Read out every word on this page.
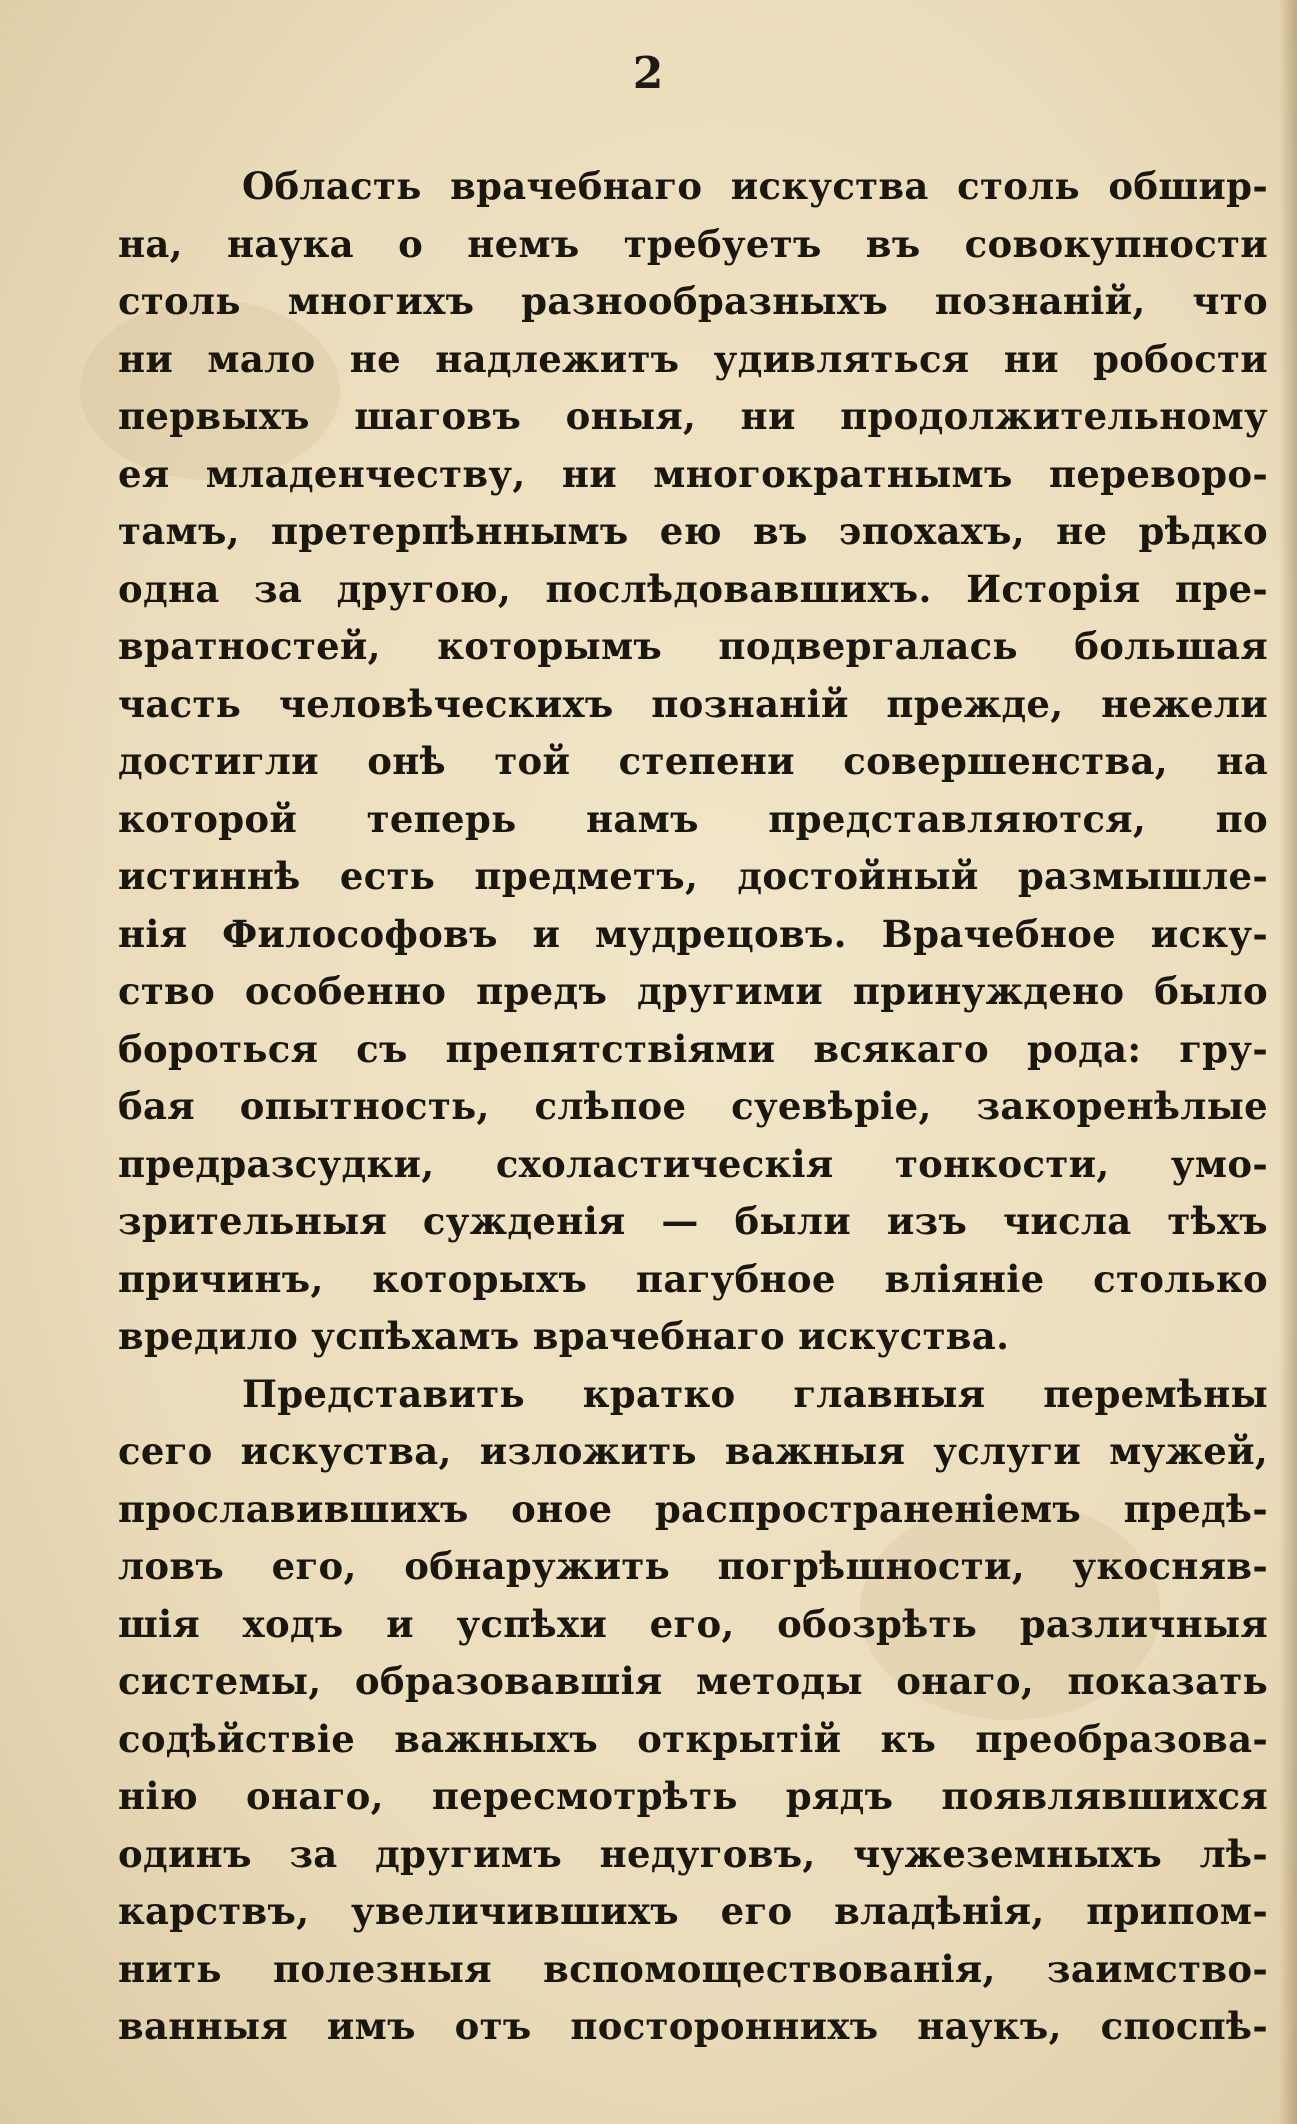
2
Область врачебнаго искуства столь обшир-
на, наука о немъ требуетъ въ совокупности
столь многихъ разнообразныхъ познаній, что
ни мало не надлежитъ удивляться ни робости
первыхъ шаговъ оныя, ни продолжительному
ея младенчеству, ни многократнымъ переворо-
тамъ, претерпѣннымъ ею въ эпохахъ, не рѣдко
одна за другою, послѣдовавшихъ. Исторія пре-
вратностей, которымъ подвергалась большая
часть человѣческихъ познаній прежде, нежели
достигли онѣ той степени совершенства, на
которой теперь намъ представляются, по
истиннѣ есть предметъ, достойный размышле-
нія Философовъ и мудрецовъ. Врачебное иску-
ство особенно предъ другими принуждено было
бороться съ препятствіями всякаго рода: гру-
бая опытность, слѣпое суевѣріе, закоренѣлые
предразсудки, схоластическія тонкости, умо-
зрительныя сужденія — были изъ числа тѣхъ
причинъ, которыхъ пагубное вліяніе столько
вредило успѣхамъ врачебнаго искуства.
Представить кратко главныя перемѣны
сего искуства, изложить важныя услуги мужей,
прославившихъ оное распространеніемъ предѣ-
ловъ его, обнаружить погрѣшности, укосняв-
шія ходъ и успѣхи его, обозрѣть различныя
системы, образовавшія методы онаго, показать
содѣйствіе важныхъ открытій къ преобразова-
нію онаго, пересмотрѣть рядъ появлявшихся
одинъ за другимъ недуговъ, чужеземныхъ лѣ-
карствъ, увеличившихъ его владѣнія, припом-
нить полезныя вспомоществованія, заимство-
ванныя имъ отъ постороннихъ наукъ, споспѣ-
